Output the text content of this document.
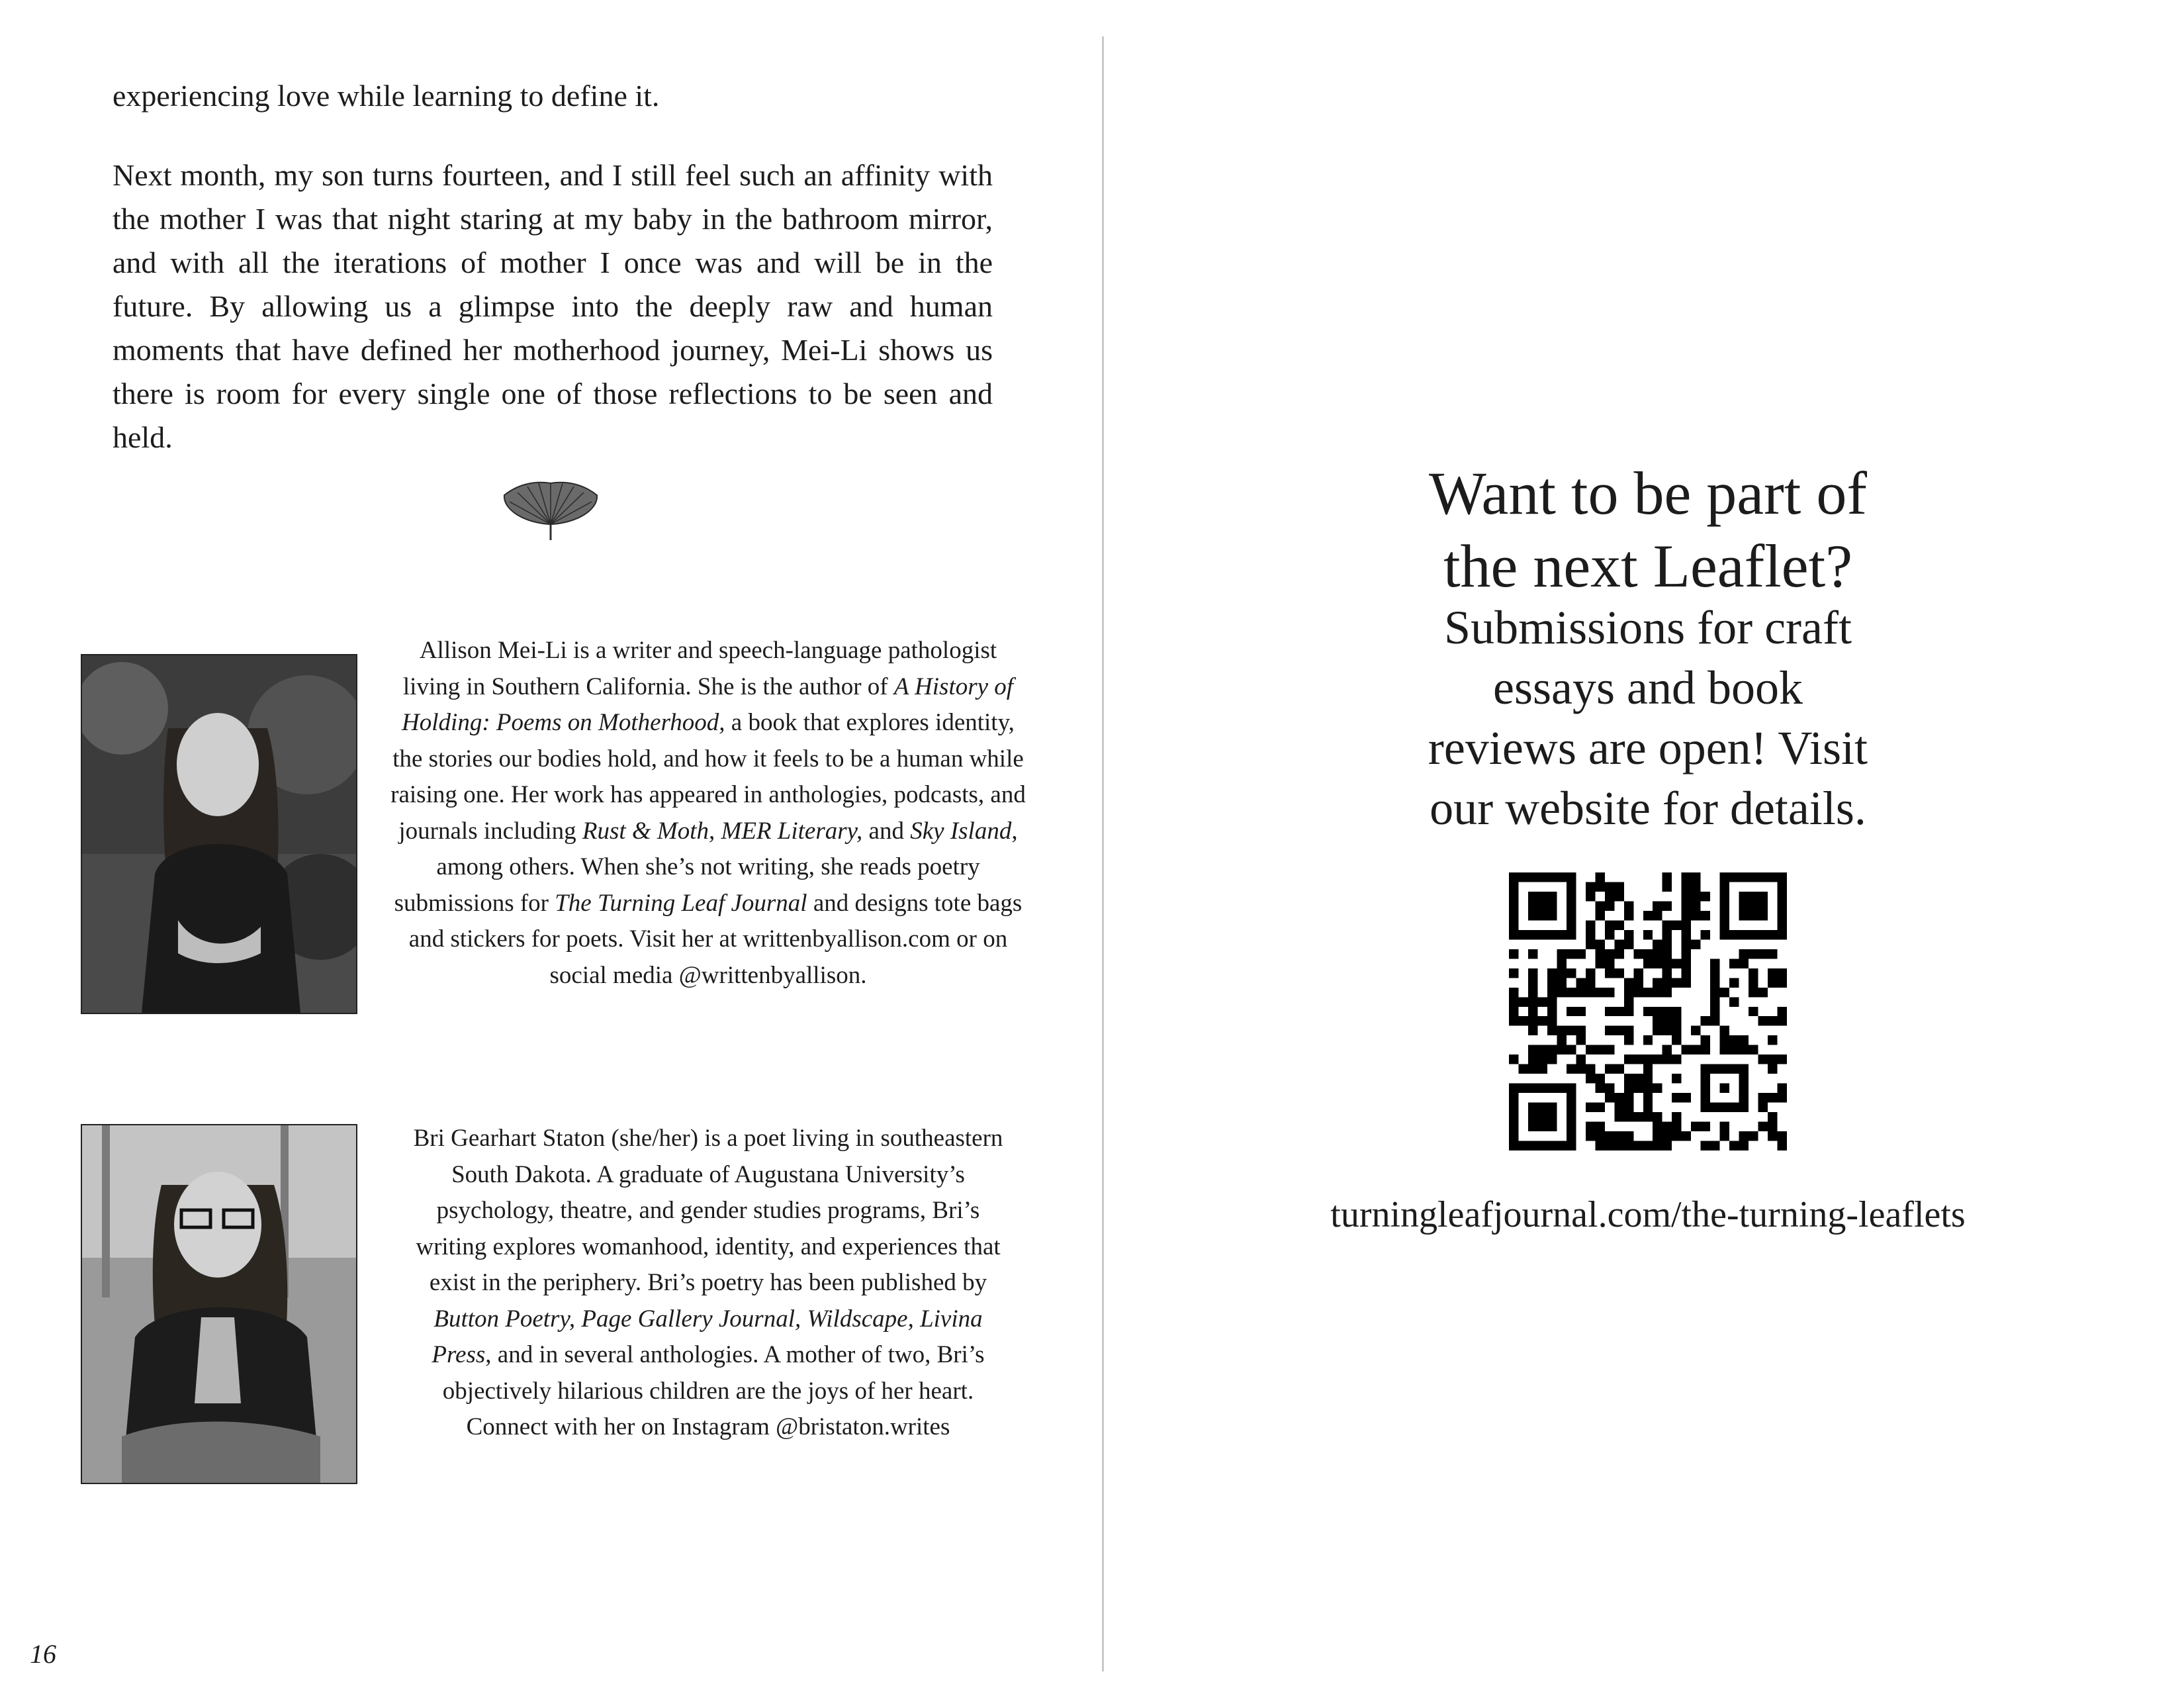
experiencing love while learning to define it.

Next month, my son turns fourteen, and I still feel such an affinity with the mother I was that night staring at my baby in the bathroom mirror, and with all the iterations of mother I once was and will be in the future. By allowing us a glimpse into the deeply raw and human moments that have defined her motherhood journey, Mei-Li shows us there is room for every single one of those reflections to be seen and held.

Allison Mei-Li is a writer and speech-language pathologist living in Southern California. She is the author of A History of Holding: Poems on Motherhood, a book that explores identity, the stories our bodies hold, and how it feels to be a human while raising one. Her work has appeared in anthologies, podcasts, and journals including Rust & Moth, MER Literary, and Sky Island, among others. When she’s not writing, she reads poetry submissions for The Turning Leaf Journal and designs tote bags and stickers for poets. Visit her at writtenbyallison.com or on social media @writtenbyallison.

Bri Gearhart Staton (she/her) is a poet living in southeastern South Dakota. A graduate of Augustana University’s psychology, theatre, and gender studies programs, Bri’s writing explores womanhood, identity, and experiences that exist in the periphery. Bri’s poetry has been published by Button Poetry, Page Gallery Journal, Wildscape, Livina Press, and in several anthologies. A mother of two, Bri’s objectively hilarious children are the joys of her heart. Connect with her on Instagram @bristaton.writes

16
Want to be part of
the next Leaflet?

Submissions for craft
essays and book
reviews are open! Visit
our website for details.

turningleafjournal.com/the-turning-leaflets
